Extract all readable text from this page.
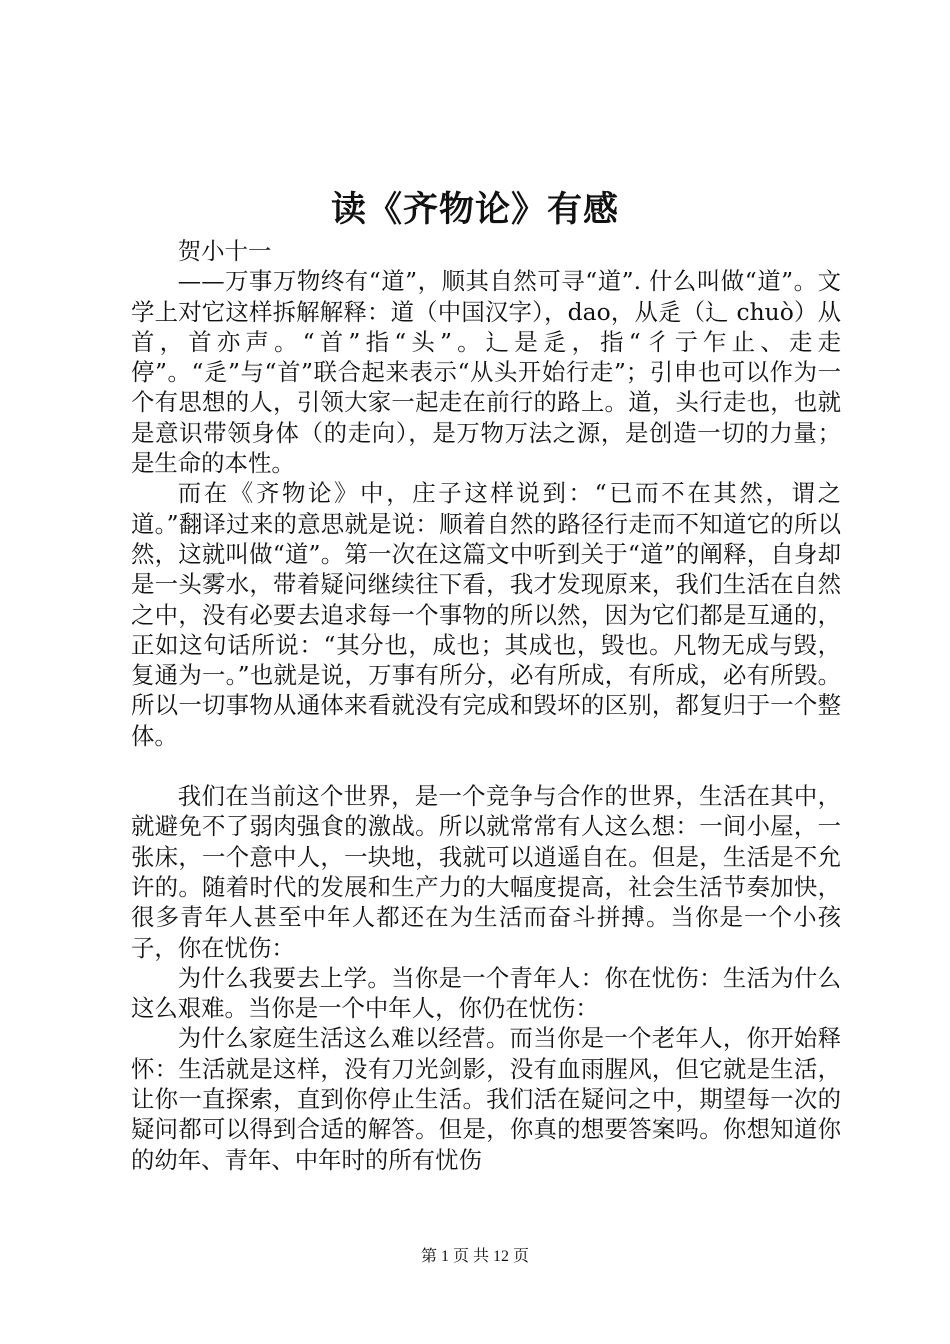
读《齐物论》有感

贺小十一

——万事万物终有“道”，顺其自然可寻“道”. 什么叫做“道”。文学上对它这样拆解解释：道（中国汉字），dao，从辵（辶 chuò）从首，首亦声。“首”指“头”。辶是辵，指“彳亍乍止、走走停”。“辵”与“首”联合起来表示“从头开始行走”；引申也可以作为一个有思想的人，引领大家一起走在前行的路上。道，头行走也，也就是意识带领身体（的走向），是万物万法之源，是创造一切的力量；是生命的本性。

而在《齐物论》中，庄子这样说到：“已而不在其然，谓之道。”翻译过来的意思就是说：顺着自然的路径行走而不知道它的所以然，这就叫做“道”。第一次在这篇文中听到关于“道”的阐释，自身却是一头雾水，带着疑问继续往下看，我才发现原来，我们生活在自然之中，没有必要去追求每一个事物的所以然，因为它们都是互通的，正如这句话所说：“其分也，成也；其成也，毁也。凡物无成与毁，复通为一。”也就是说，万事有所分，必有所成，有所成，必有所毁。所以一切事物从通体来看就没有完成和毁坏的区别，都复归于一个整体。

我们在当前这个世界，是一个竞争与合作的世界，生活在其中，就避免不了弱肉强食的激战。所以就常常有人这么想：一间小屋，一张床，一个意中人，一块地，我就可以逍遥自在。但是，生活是不允许的。随着时代的发展和生产力的大幅度提高，社会生活节奏加快，很多青年人甚至中年人都还在为生活而奋斗拼搏。当你是一个小孩子，你在忧伤：

为什么我要去上学。当你是一个青年人：你在忧伤：生活为什么这么艰难。当你是一个中年人，你仍在忧伤：

为什么家庭生活这么难以经营。而当你是一个老年人，你开始释怀：生活就是这样，没有刀光剑影，没有血雨腥风，但它就是生活，让你一直探索，直到你停止生活。我们活在疑问之中，期望每一次的疑问都可以得到合适的解答。但是，你真的想要答案吗。你想知道你的幼年、青年、中年时的所有忧伤

第 1 页 共 12 页
